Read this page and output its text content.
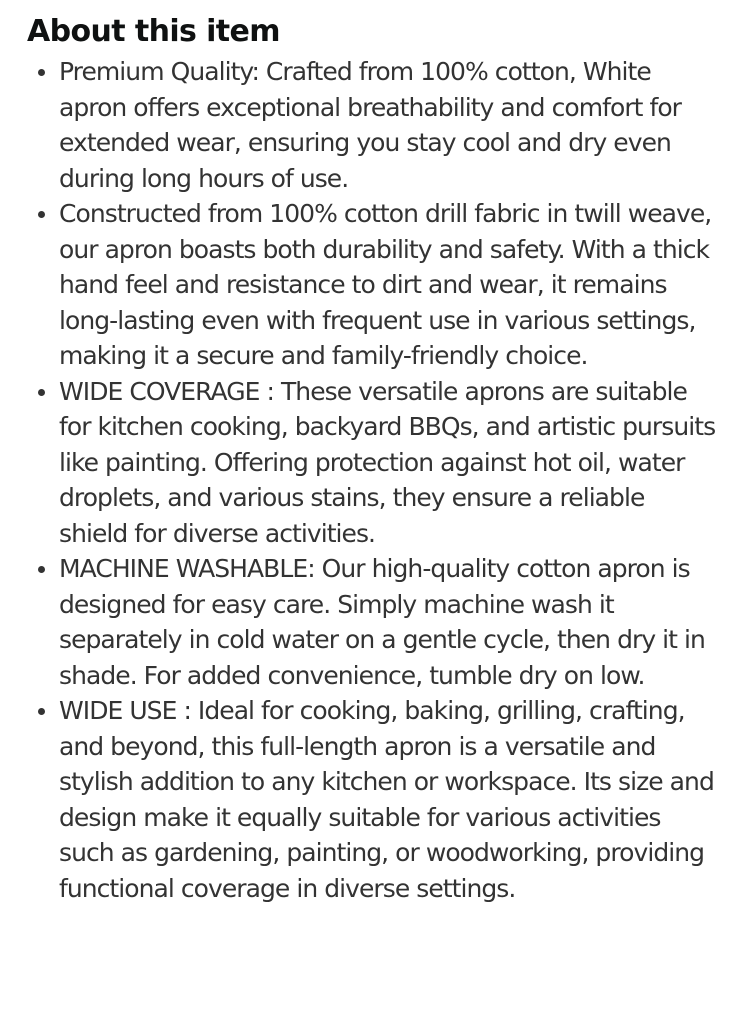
About this item
Premium Quality: Crafted from 100% cotton, White apron offers exceptional breathability and comfort for extended wear, ensuring you stay cool and dry even during long hours of use.
Constructed from 100% cotton drill fabric in twill weave, our apron boasts both durability and safety. With a thick hand feel and resistance to dirt and wear, it remains long-lasting even with frequent use in various settings, making it a secure and family-friendly choice.
WIDE COVERAGE : These versatile aprons are suitable for kitchen cooking, backyard BBQs, and artistic pursuits like painting. Offering protection against hot oil, water droplets, and various stains, they ensure a reliable shield for diverse activities.
MACHINE WASHABLE: Our high-quality cotton apron is designed for easy care. Simply machine wash it separately in cold water on a gentle cycle, then dry it in shade. For added convenience, tumble dry on low.
WIDE USE : Ideal for cooking, baking, grilling, crafting, and beyond, this full-length apron is a versatile and stylish addition to any kitchen or workspace. Its size and design make it equally suitable for various activities such as gardening, painting, or woodworking, providing functional coverage in diverse settings.
